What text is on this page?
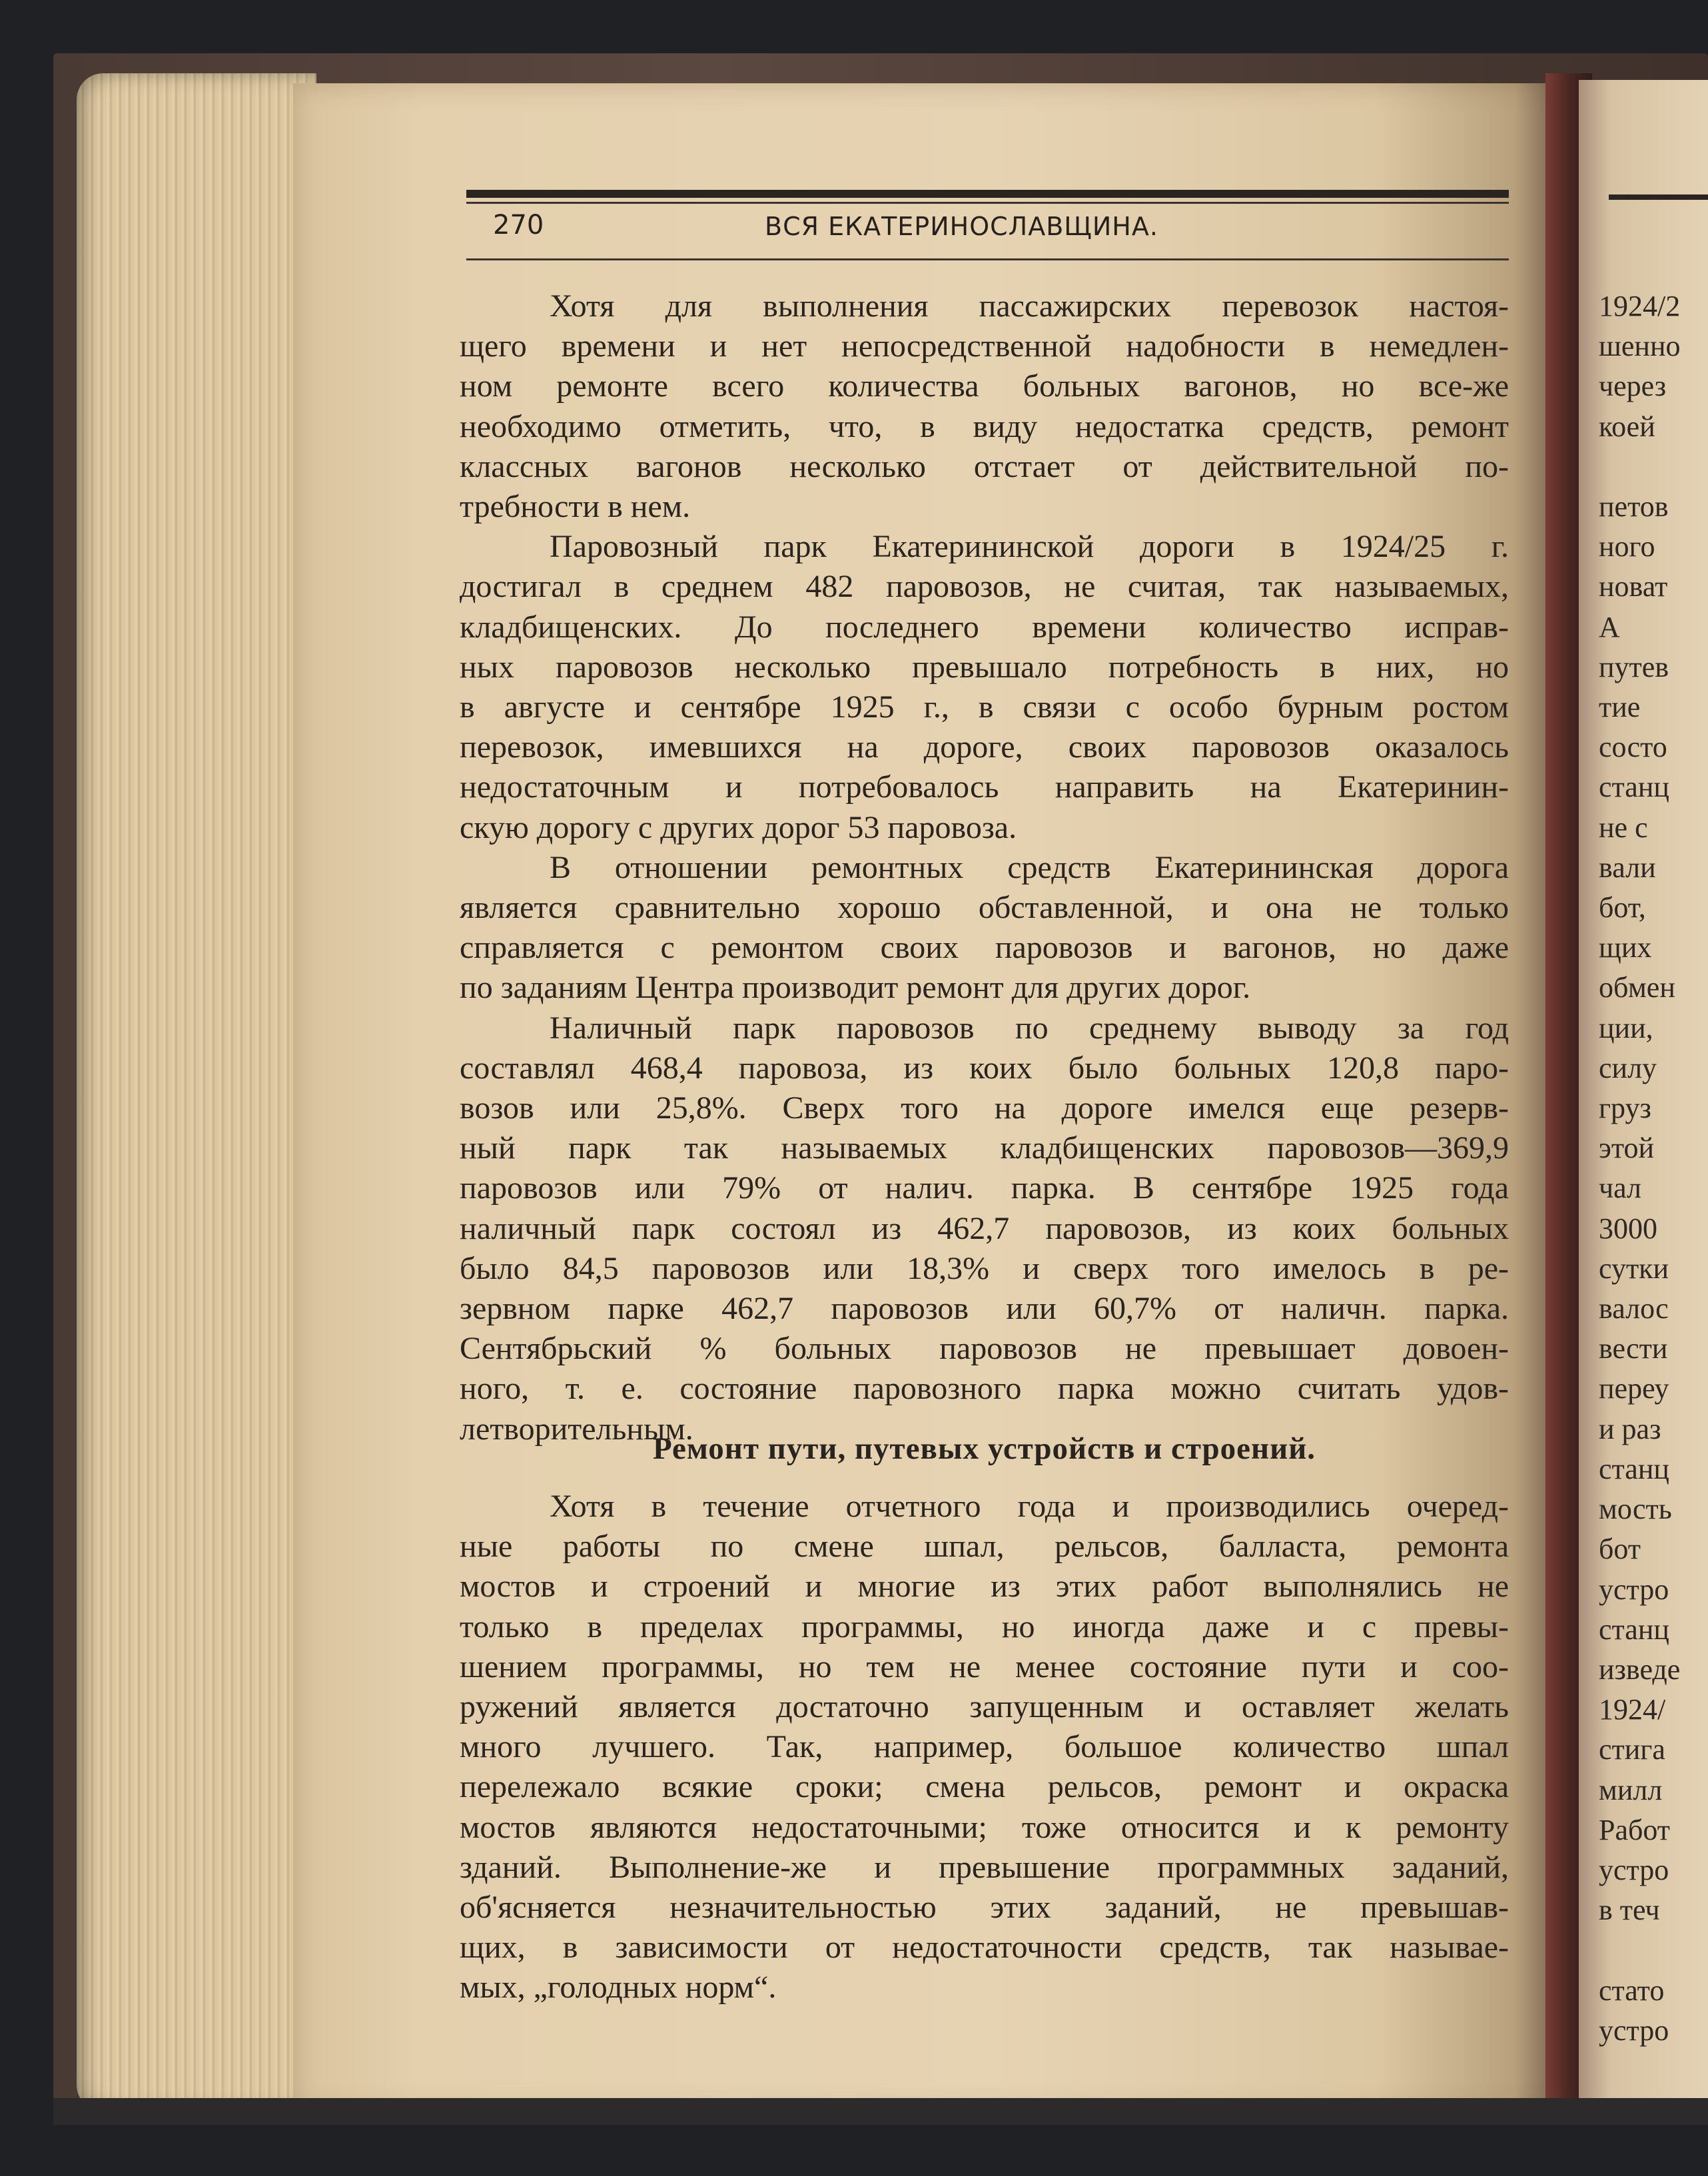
270	ВСЯ ЕКАТЕРИНОСЛАВЩИНА.
Хотя для выполнения пассажирских перевозок настоя-
щего времени и нет непосредственной надобности в немедлен-
ном ремонте всего количества больных вагонов, но все-же
необходимо отметить, что, в виду недостатка средств, ремонт
классных вагонов несколько отстает от действительной по-
требности в нем.
Паровозный парк Екатерининской дороги в 1924/25 г.
достигал в среднем 482 паровозов, не считая, так называемых,
кладбищенских. До последнего времени количество исправ-
ных паровозов несколько превышало потребность в них, но
в августе и сентябре 1925 г., в связи с особо бурным ростом
перевозок, имевшихся на дороге, своих паровозов оказалось
недостаточным и потребовалось направить на Екатеринин-
скую дорогу с других дорог 53 паровоза.
В отношении ремонтных средств Екатерининская дорога
является сравнительно хорошо обставленной, и она не только
справляется с ремонтом своих паровозов и вагонов, но даже
по заданиям Центра производит ремонт для других дорог.
Наличный парк паровозов по среднему выводу за год
составлял 468,4 паровоза, из коих было больных 120,8 паро-
возов или 25,8%. Сверх того на дороге имелся еще резерв-
ный парк так называемых кладбищенских паровозов—369,9
паровозов или 79% от налич. парка. В сентябре 1925 года
наличный парк состоял из 462,7 паровозов, из коих больных
было 84,5 паровозов или 18,3% и сверх того имелось в ре-
зервном парке 462,7 паровозов или 60,7% от наличн. парка.
Сентябрьский % больных паровозов не превышает довоен-
ного, т. е. состояние паровозного парка можно считать удов-
летворительным.
Ремонт пути, путевых устройств и строений.
Хотя в течение отчетного года и производились очеред-
ные работы по смене шпал, рельсов, балласта, ремонта
мостов и строений и многие из этих работ выполнялись не
только в пределах программы, но иногда даже и с превы-
шением программы, но тем не менее состояние пути и соо-
ружений является достаточно запущенным и оставляет желать
много лучшего. Так, например, большое количество шпал
перележало всякие сроки; смена рельсов, ремонт и окраска
мостов являются недостаточными; тоже относится и к ремонту
зданий. Выполнение-же и превышение программных заданий,
об'ясняется незначительностью этих заданий, не превышав-
щих, в зависимости от недостаточности средств, так называе-
мых, „голодных норм“.
1924/2
шенно
через
коей

петов
ного
новат
А
путев
тие
состо
станц
не с
вали
бот,
щих
обмен
ции,
силу
груз
этой
чал
3000
сутки
валос
вести
переу
и раз
станц
мость
бот
устро
станц
изведе
1924/
стига
милл
Работ
устро
в теч

стато
устро
